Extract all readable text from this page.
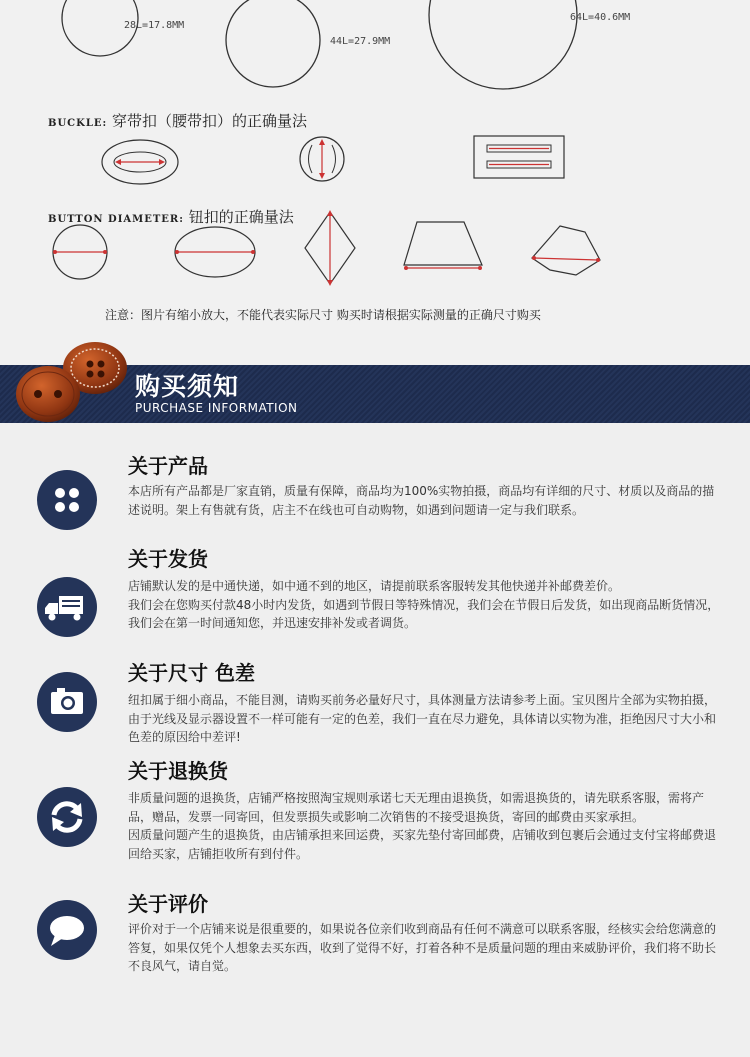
28L=17.8MM
44L=27.9MM
64L=40.6MM
BUCKLE: 穿带扣（腰带扣）的正确量法
BUTTON DIAMETER: 钮扣的正确量法
注意：图片有缩小放大，不能代表实际尺寸 购买时请根据实际测量的正确尺寸购买
购买须知
PURCHASE INFORMATION
关于产品
本店所有产品都是厂家直销，质量有保障，商品均为100%实物拍摄，商品均有详细的尺寸、材质以及商品的描述说明。架上有售就有货，店主不在线也可自动购物，如遇到问题请一定与我们联系。
关于发货
店铺默认发的是中通快递，如中通不到的地区，请提前联系客服转发其他快递并补邮费差价。
我们会在您购买付款48小时内发货，如遇到节假日等特殊情况，我们会在节假日后发货，如出现商品断货情况，我们会在第一时间通知您，并迅速安排补发或者调货。
关于尺寸 色差
纽扣属于细小商品，不能目测，请购买前务必量好尺寸，具体测量方法请参考上面。宝贝图片全部为实物拍摄，由于光线及显示器设置不一样可能有一定的色差，我们一直在尽力避免，具体请以实物为准，拒绝因尺寸大小和色差的原因给中差评!
关于退换货
非质量问题的退换货，店铺严格按照淘宝规则承诺七天无理由退换货，如需退换货的，请先联系客服，需将产品，赠品，发票一同寄回，但发票损失或影响二次销售的不接受退换货，寄回的邮费由买家承担。
因质量问题产生的退换货，由店铺承担来回运费，买家先垫付寄回邮费，店铺收到包裹后会通过支付宝将邮费退回给买家，店铺拒收所有到付件。
关于评价
评价对于一个店铺来说是很重要的，如果说各位亲们收到商品有任何不满意可以联系客服，经核实会给您满意的答复，如果仅凭个人想象去买东西，收到了觉得不好，打着各种不是质量问题的理由来威胁评价，我们将不助长不良风气，请自觉。
